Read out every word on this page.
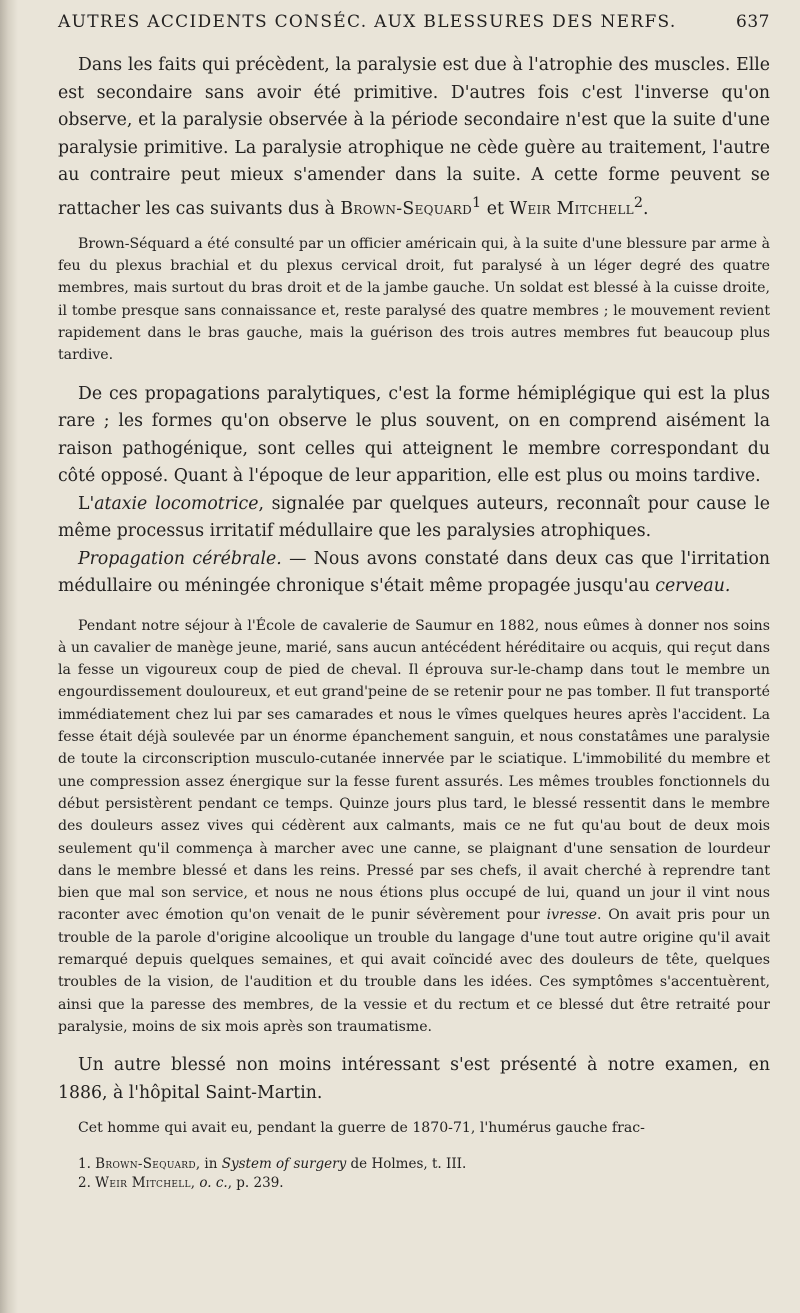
AUTRES ACCIDENTS CONSÉC. AUX BLESSURES DES NERFS.	637

Dans les faits qui précèdent, la paralysie est due à l'atrophie des muscles. Elle est secondaire sans avoir été primitive. D'autres fois c'est l'inverse qu'on observe, et la paralysie observée à la période secondaire n'est que la suite d'une paralysie primitive. La paralysie atrophique ne cède guère au traitement, l'autre au contraire peut mieux s'amender dans la suite. A cette forme peuvent se rattacher les cas suivants dus à Brown-Sequard$^1$ et Weir Mitchell$^2$.

Brown-Séquard a été consulté par un officier américain qui, à la suite d'une blessure par arme à feu du plexus brachial et du plexus cervical droit, fut paralysé à un léger degré des quatre membres, mais surtout du bras droit et de la jambe gauche. Un soldat est blessé à la cuisse droite, il tombe presque sans connaissance et, reste paralysé des quatre membres ; le mouvement revient rapidement dans le bras gauche, mais la guérison des trois autres membres fut beaucoup plus tardive.

De ces propagations paralytiques, c'est la forme hémiplégique qui est la plus rare ; les formes qu'on observe le plus souvent, on en comprend aisément la raison pathogénique, sont celles qui atteignent le membre correspondant du côté opposé. Quant à l'époque de leur apparition, elle est plus ou moins tardive.

L'ataxie locomotrice, signalée par quelques auteurs, reconnaît pour cause le même processus irritatif médullaire que les paralysies atrophiques.

Propagation cérébrale. — Nous avons constaté dans deux cas que l'irritation médullaire ou méningée chronique s'était même propagée jusqu'au cerveau.

Pendant notre séjour à l'École de cavalerie de Saumur en 1882, nous eûmes à donner nos soins à un cavalier de manège jeune, marié, sans aucun antécédent héréditaire ou acquis, qui reçut dans la fesse un vigoureux coup de pied de cheval. Il éprouva sur-le-champ dans tout le membre un engourdissement douloureux, et eut grand'peine de se retenir pour ne pas tomber. Il fut transporté immédiatement chez lui par ses camarades et nous le vîmes quelques heures après l'accident. La fesse était déjà soulevée par un énorme épanchement sanguin, et nous constatâmes une paralysie de toute la circonscription musculo-cutanée innervée par le sciatique. L'immobilité du membre et une compression assez énergique sur la fesse furent assurés. Les mêmes troubles fonctionnels du début persistèrent pendant ce temps. Quinze jours plus tard, le blessé ressentit dans le membre des douleurs assez vives qui cédèrent aux calmants, mais ce ne fut qu'au bout de deux mois seulement qu'il commença à marcher avec une canne, se plaignant d'une sensation de lourdeur dans le membre blessé et dans les reins. Pressé par ses chefs, il avait cherché à reprendre tant bien que mal son service, et nous ne nous étions plus occupé de lui, quand un jour il vint nous raconter avec émotion qu'on venait de le punir sévèrement pour ivresse. On avait pris pour un trouble de la parole d'origine alcoolique un trouble du langage d'une tout autre origine qu'il avait remarqué depuis quelques semaines, et qui avait coïncidé avec des douleurs de tête, quelques troubles de la vision, de l'audition et du trouble dans les idées. Ces symptômes s'accentuèrent, ainsi que la paresse des membres, de la vessie et du rectum et ce blessé dut être retraité pour paralysie, moins de six mois après son traumatisme.

Un autre blessé non moins intéressant s'est présenté à notre examen, en 1886, à l'hôpital Saint-Martin.

Cet homme qui avait eu, pendant la guerre de 1870-71, l'humérus gauche frac-

1. Brown-Sequard, in System of surgery de Holmes, t. III.

2. Weir Mitchell, o. c., p. 239.
